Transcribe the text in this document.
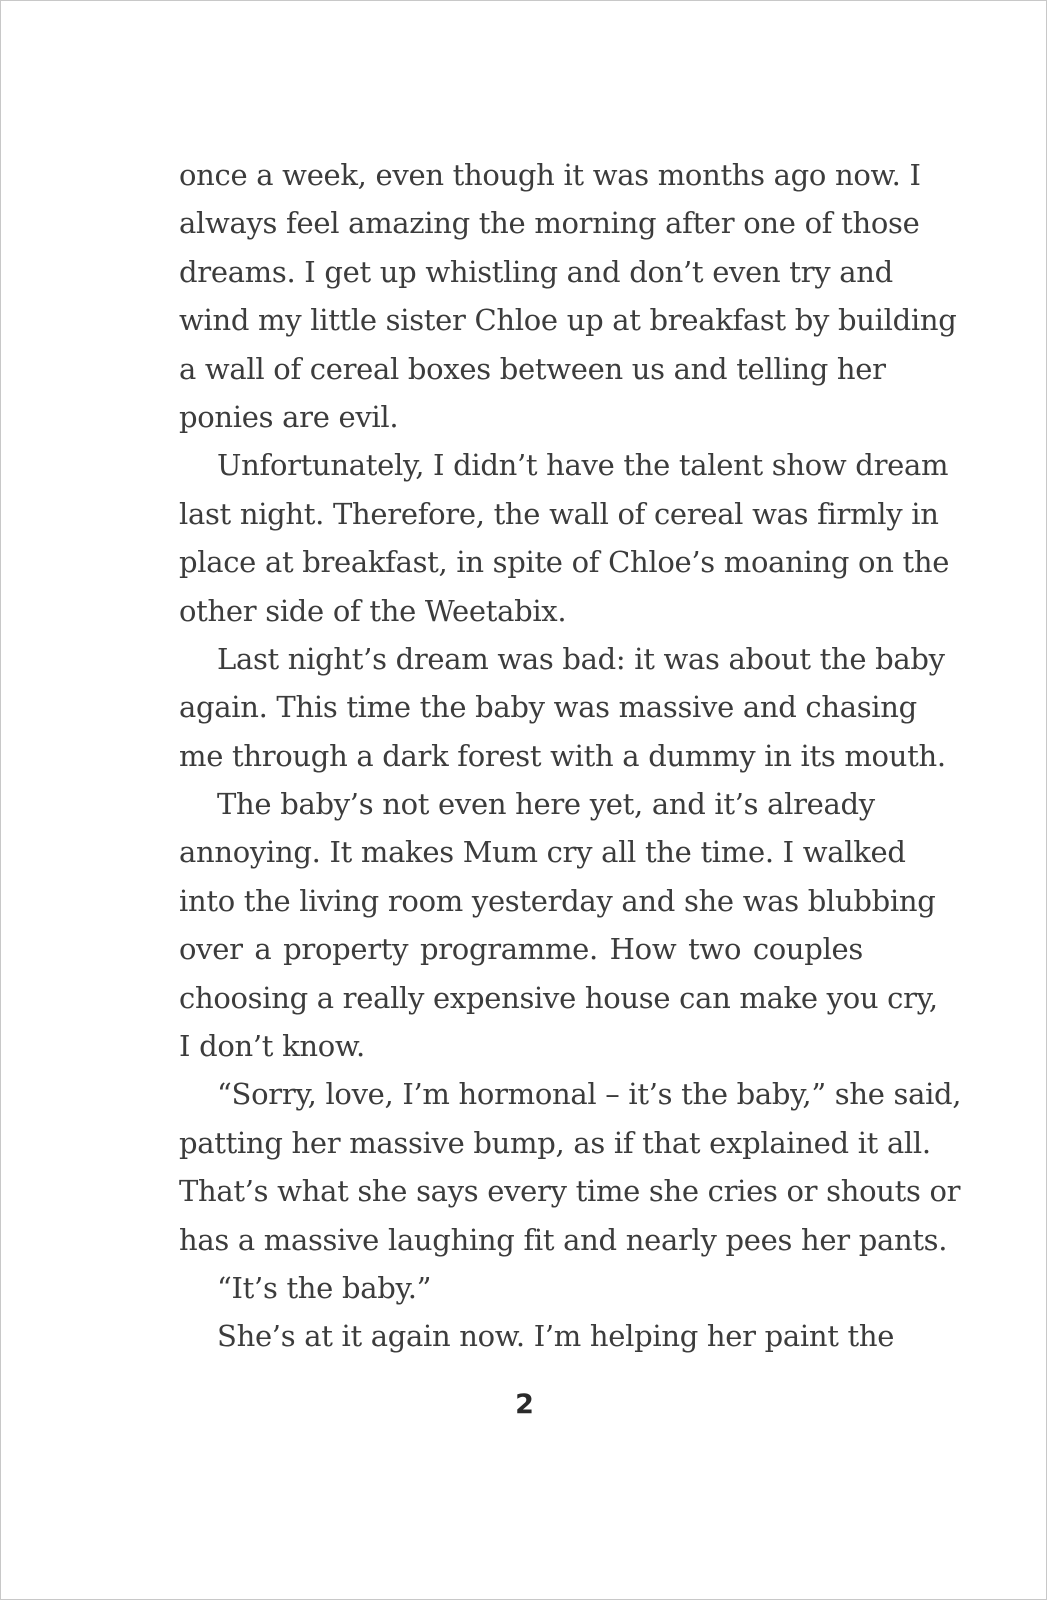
once a week, even though it was months ago now. I
always feel amazing the morning after one of those
dreams. I get up whistling and don’t even try and
wind my little sister Chloe up at breakfast by building
a wall of cereal boxes between us and telling her
ponies are evil.
Unfortunately, I didn’t have the talent show dream
last night. Therefore, the wall of cereal was firmly in
place at breakfast, in spite of Chloe’s moaning on the
other side of the Weetabix.
Last night’s dream was bad: it was about the baby
again. This time the baby was massive and chasing
me through a dark forest with a dummy in its mouth.
The baby’s not even here yet, and it’s already
annoying. It makes Mum cry all the time. I walked
into the living room yesterday and she was blubbing
over a property programme. How two couples
choosing a really expensive house can make you cry,
I don’t know.
“Sorry, love, I’m hormonal – it’s the baby,” she said,
patting her massive bump, as if that explained it all.
That’s what she says every time she cries or shouts or
has a massive laughing fit and nearly pees her pants.
“It’s the baby.”
She’s at it again now. I’m helping her paint the
2
